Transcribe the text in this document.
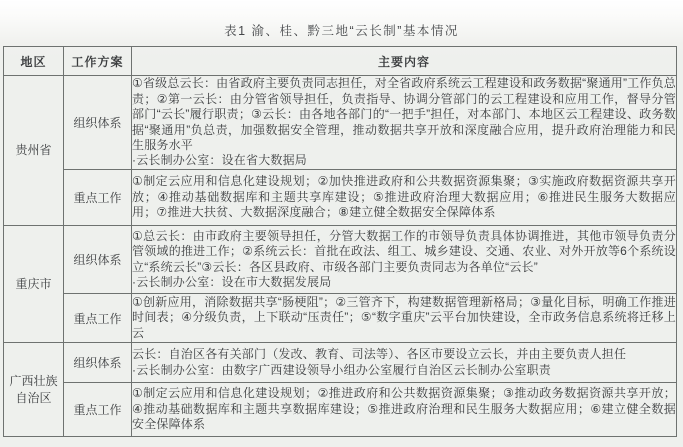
表1 渝、桂、黔三地“云长制”基本情况
地区	工作方案	主要内容
贵州省	组织体系	①省级总云长：由省政府主要负责同志担任，对全省政府系统云工程建设和政务数据“聚通用”工作负总责；②第一云长：由分管省领导担任，负责指导、协调分管部门的云工程建设和应用工作，督导分管部门“云长”履行职责；③云长：由各地各部门的“一把手”担任，对本部门、本地区云工程建设、政务数据“聚通用”负总责，加强数据安全管理，推动数据共享开放和深度融合应用，提升政府治理能力和民生服务水平
·云长制办公室：设在省大数据局

	重点工作	①制定云应用和信息化建设规划；②加快推进政府和公共数据资源集聚；③实施政府数据资源共享开放；④推动基础数据库和主题共享库建设；⑤推进政府治理大数据应用；⑥推进民生服务大数据应用；⑦推进大扶贫、大数据深度融合；⑧建立健全数据安全保障体系

重庆市	组织体系	①总云长：由市政府主要领导担任，分管大数据工作的市领导负责具体协调推进，其他市领导负责分管领域的推进工作；②系统云长：首批在政法、组工、城乡建设、交通、农业、对外开放等6个系统设立“系统云长”③云长：各区县政府、市级各部门主要负责同志为各单位“云长”
·云长制办公室：设在市大数据发展局

	重点工作	①创新应用，消除数据共享“肠梗阻”；②三管齐下，构建数据管理新格局；③量化目标，明确工作推进时间表；④分级负责，上下联动“压责任”；⑤“数字重庆”云平台加快建设，全市政务信息系统将迁移上云

广西壮族自治区	组织体系	云长：自治区各有关部门（发改、教育、司法等）、各区市要设立云长，并由主要负责人担任
·云长制办公室：由数字广西建设领导小组办公室履行自治区云长制办公室职责

	重点工作	①制定云应用和信息化建设规划；②推进政府和公共数据资源集聚；③推动政务数据资源共享开放；④推动基础数据库和主题共享数据库建设；⑤推进政府治理和民生服务大数据应用；⑥建立健全数据安全保障体系
